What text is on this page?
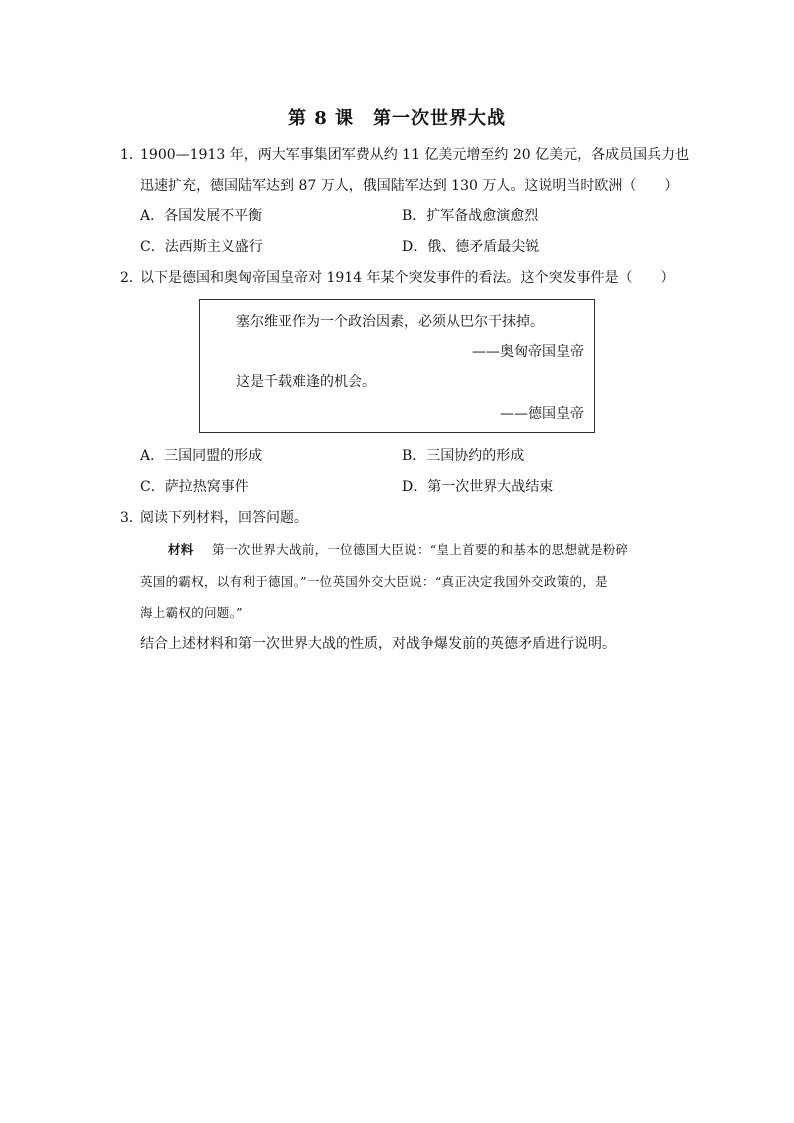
第 8 课　第一次世界大战
1．
1900—1913 年，两大军事集团军费从约 11 亿美元增至约 20 亿美元，各成员国兵力也
迅速扩充，德国陆军达到 87 万人，俄国陆军达到 130 万人。这说明当时欧洲（　　）
A．各国发展不平衡	B．扩军备战愈演愈烈
C．法西斯主义盛行	D．俄、德矛盾最尖锐
2．
以下是德国和奥匈帝国皇帝对 1914 年某个突发事件的看法。这个突发事件是（　　）
塞尔维亚作为一个政治因素，必须从巴尔干抹掉。
——奥匈帝国皇帝
这是千载难逢的机会。
——德国皇帝
A．三国同盟的形成	B．三国协约的形成
C．萨拉热窝事件	D．第一次世界大战结束
3．
阅读下列材料，回答问题。
材料 第一次世界大战前，一位德国大臣说：“皇上首要的和基本的思想就是粉碎
英国的霸权，以有利于德国。”一位英国外交大臣说：“真正决定我国外交政策的，是
海上霸权的问题。”
结合上述材料和第一次世界大战的性质，对战争爆发前的英德矛盾进行说明。
